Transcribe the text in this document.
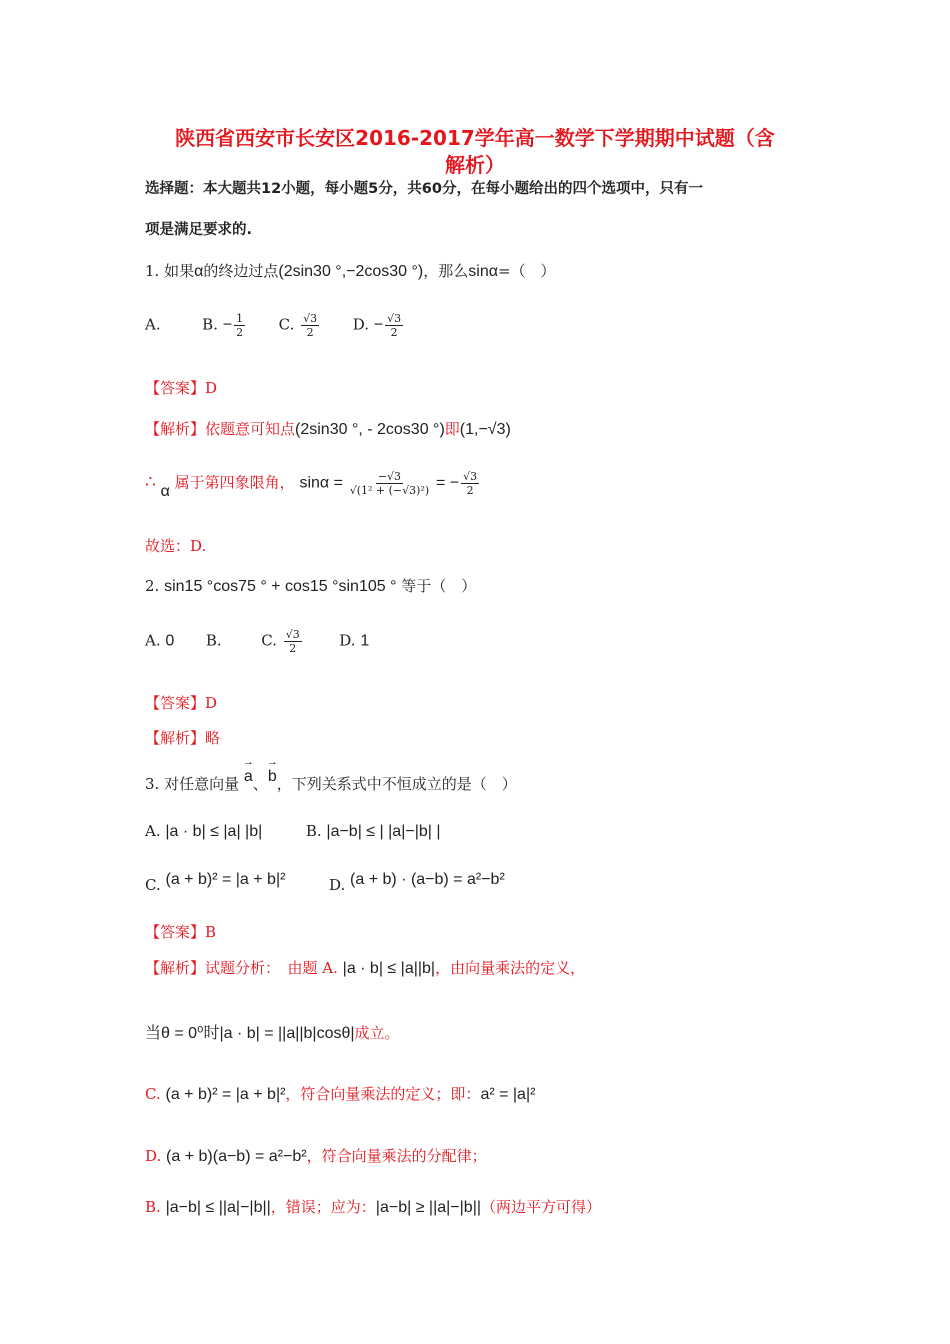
陕西省西安市长安区2016-2017学年高一数学下学期期中试题（含
解析）
选择题：本大题共12小题，每小题5分，共60分，在每小题给出的四个选项中，只有一
项是满足要求的.
1. 如果α的终边过点(2sin30 °,−2cos30 °)，那么sinα=（　）
A.	B. − $\frac{1}{2} C$. $\frac{√3}{2} D$. − $\frac{√3}{2}$
【答案】D
【解析】依题意可知点(2sin30 °, - 2cos30 °)即(1,−√3)
∴ α 属于第四象限角， $\sin\alpha = \frac{-√3}{\text{√(1² + (−√3)²)}}$ = − $\frac{√3}{2}$
故选：D.
2. sin15 °cos75 ° + cos15 °sin105 ° 等于（　）
A. 0 B.	C. $\frac{√3}{2}$	D. 1
【答案】D
【解析】略
3. 对任意向量 → a、→ b，下列关系式中不恒成立的是（　）
A. |a · b| ≤ |a| |b|	B. |a−b| ≤ | |a|−|b| |
C. (a + b)² = |a + b|²	D. (a + b) · (a−b) = a²−b²
【答案】B
【解析】试题分析：　由题 A. |a · b| ≤ |a||b|，由向量乘法的定义，
当θ = 0⁰时|a · b| = ||a||b|cosθ|成立。
C. (a + b)² = |a + b|²，符合向量乘法的定义；即：a² = |a|²
D. (a + b)(a−b) = a²−b²，符合向量乘法的分配律；
B. |a−b| ≤ ||a|−|b||，错误；应为：|a−b| ≥ ||a|−|b||（两边平方可得）
